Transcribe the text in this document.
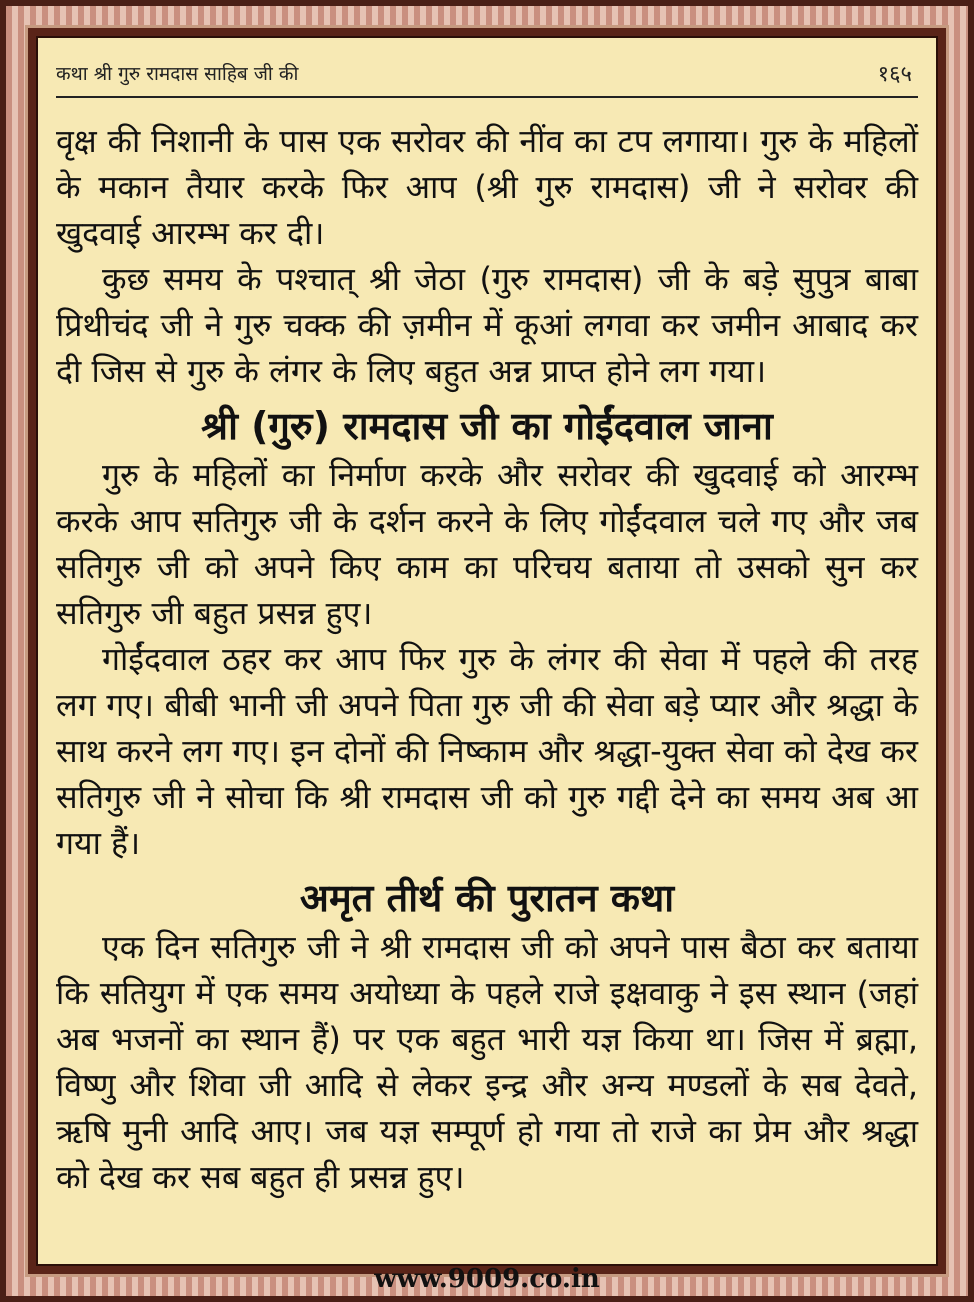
कथा श्री गुरु रामदास साहिब जी की	१६५

वृक्ष की निशानी के पास एक सरोवर की नींव का टप लगाया। गुरु के महिलों के मकान तैयार करके फिर आप (श्री गुरु रामदास) जी ने सरोवर की खुदवाई आरम्भ कर दी।

कुछ समय के पश्चात् श्री जेठा (गुरु रामदास) जी के बड़े सुपुत्र बाबा प्रिथीचंद जी ने गुरु चक्क की ज़मीन में कूआं लगवा कर जमीन आबाद कर दी जिस से गुरु के लंगर के लिए बहुत अन्न प्राप्त होने लग गया।

श्री (गुरु) रामदास जी का गोईंदवाल जाना

गुरु के महिलों का निर्माण करके और सरोवर की खुदवाई को आरम्भ करके आप सतिगुरु जी के दर्शन करने के लिए गोईंदवाल चले गए और जब सतिगुरु जी को अपने किए काम का परिचय बताया तो उसको सुन कर सतिगुरु जी बहुत प्रसन्न हुए।

गोईंदवाल ठहर कर आप फिर गुरु के लंगर की सेवा में पहले की तरह लग गए। बीबी भानी जी अपने पिता गुरु जी की सेवा बड़े प्यार और श्रद्धा के साथ करने लग गए। इन दोनों की निष्काम और श्रद्धा-युक्त सेवा को देख कर सतिगुरु जी ने सोचा कि श्री रामदास जी को गुरु गद्दी देने का समय अब आ गया हैं।

अमृत तीर्थ की पुरातन कथा

एक दिन सतिगुरु जी ने श्री रामदास जी को अपने पास बैठा कर बताया कि सतियुग में एक समय अयोध्या के पहले राजे इक्षवाकु ने इस स्थान (जहां अब भजनों का स्थान हैं) पर एक बहुत भारी यज्ञ किया था। जिस में ब्रह्मा, विष्णु और शिवा जी आदि से लेकर इन्द्र और अन्य मण्डलों के सब देवते, ऋषि मुनी आदि आए। जब यज्ञ सम्पूर्ण हो गया तो राजे का प्रेम और श्रद्धा को देख कर सब बहुत ही प्रसन्न हुए।

www.9009.co.in
